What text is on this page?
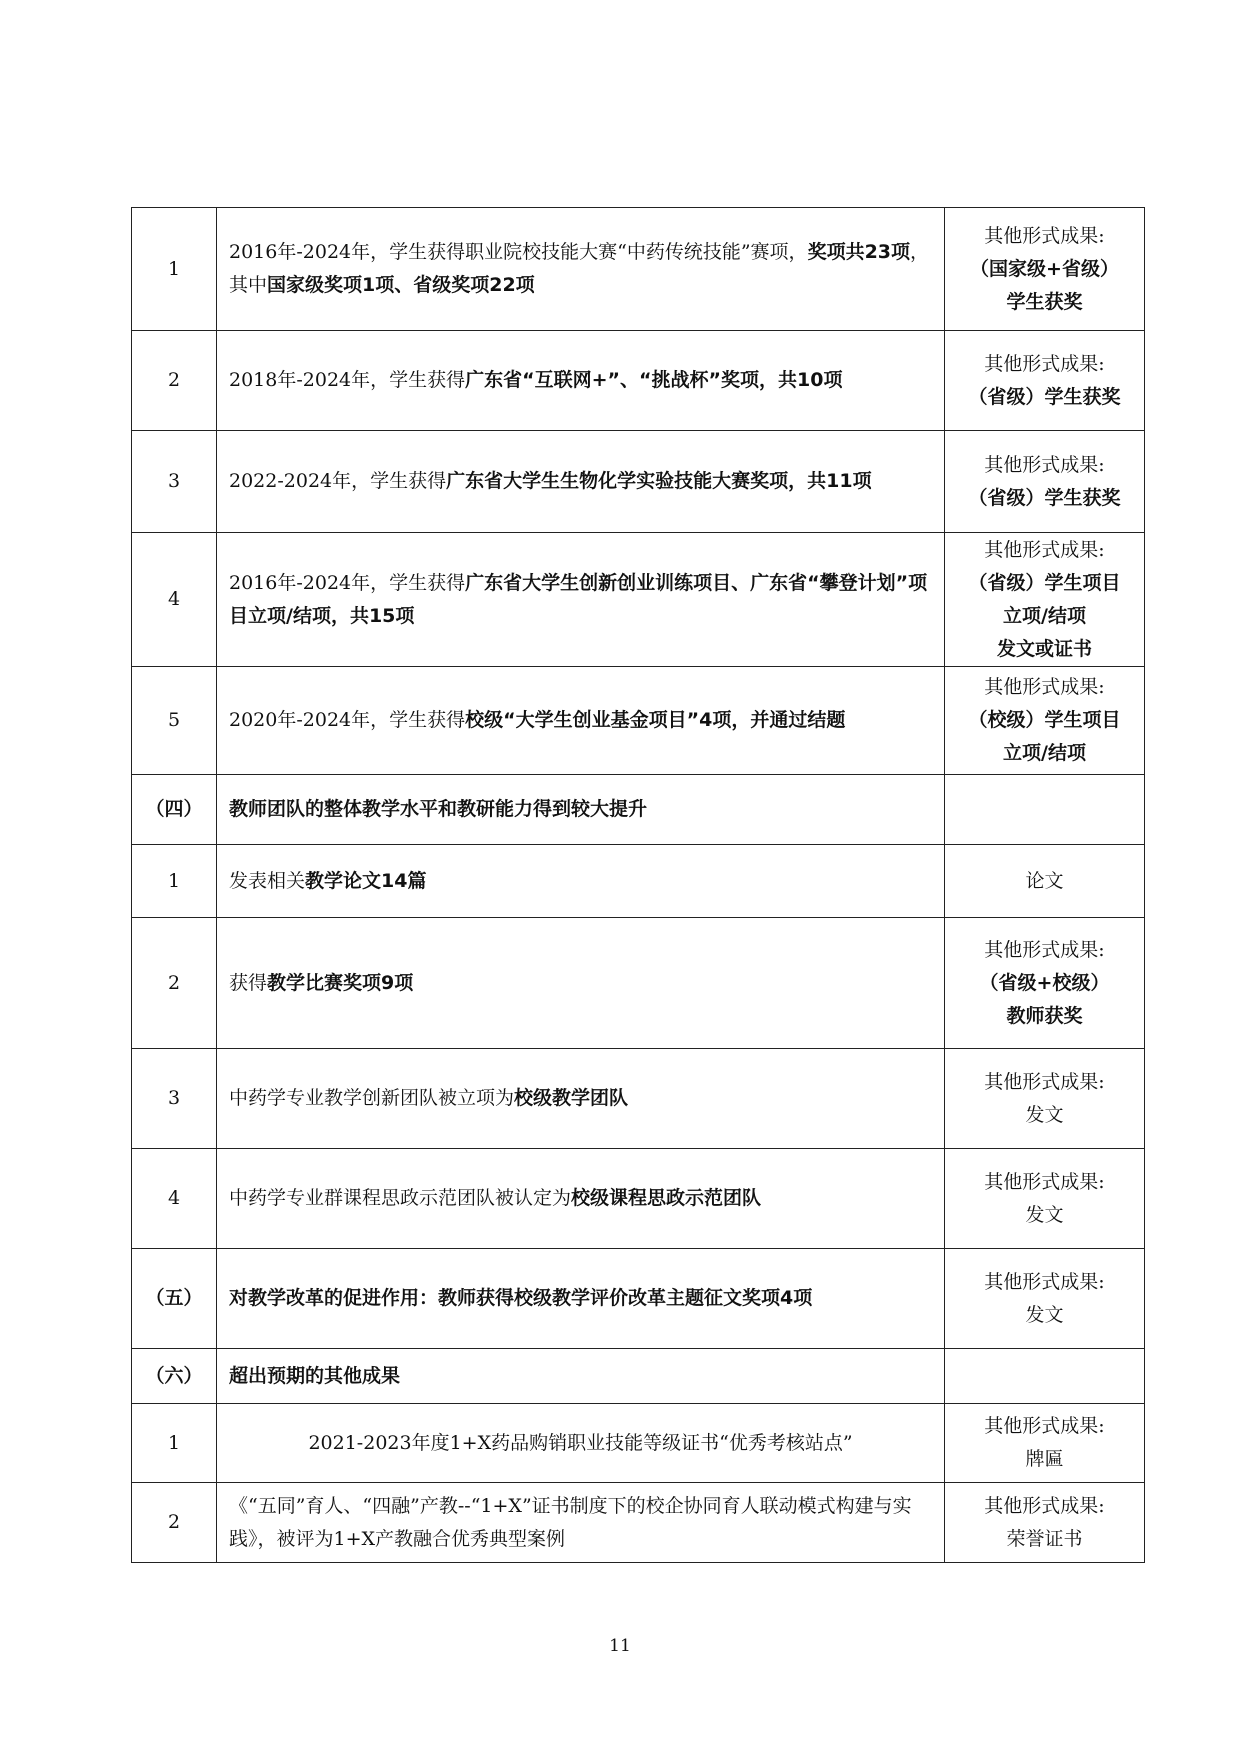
1	2016年-2024年，学生获得职业院校技能大赛“中药传统技能”赛项，奖项共23项，其中国家级奖项1项、省级奖项22项	其他形式成果:
（国家级+省级）
学生获奖

2	2018年-2024年，学生获得广东省“互联网+”、“挑战杯”奖项，共10项	其他形式成果:
（省级）学生获奖

3	2022-2024年，学生获得广东省大学生生物化学实验技能大赛奖项，共11项	其他形式成果:
（省级）学生获奖

4	2016年-2024年，学生获得广东省大学生创新创业训练项目、广东省“攀登计划”项目立项/结项，共15项	其他形式成果:
（省级）学生项目
立项/结项
发文或证书

5	2020年-2024年，学生获得校级“大学生创业基金项目”4项，并通过结题	其他形式成果:
（校级）学生项目
立项/结项

（四）	教师团队的整体教学水平和教研能力得到较大提升	
1	发表相关教学论文14篇	论文

2	获得教学比赛奖项9项	其他形式成果:
（省级+校级）
教师获奖

3	中药学专业教学创新团队被立项为校级教学团队	其他形式成果:
发文

4	中药学专业群课程思政示范团队被认定为校级课程思政示范团队	其他形式成果:
发文

（五）	对教学改革的促进作用：教师获得校级教学评价改革主题征文奖项4项	其他形式成果:
发文

（六）	超出预期的其他成果	
1	2021-2023年度1+X药品购销职业技能等级证书“优秀考核站点”	其他形式成果:
牌匾

2	《“五同”育人、“四融”产教--“1+X”证书制度下的校企协同育人联动模式构建与实践》，被评为1+X产教融合优秀典型案例	其他形式成果:
荣誉证书
11
